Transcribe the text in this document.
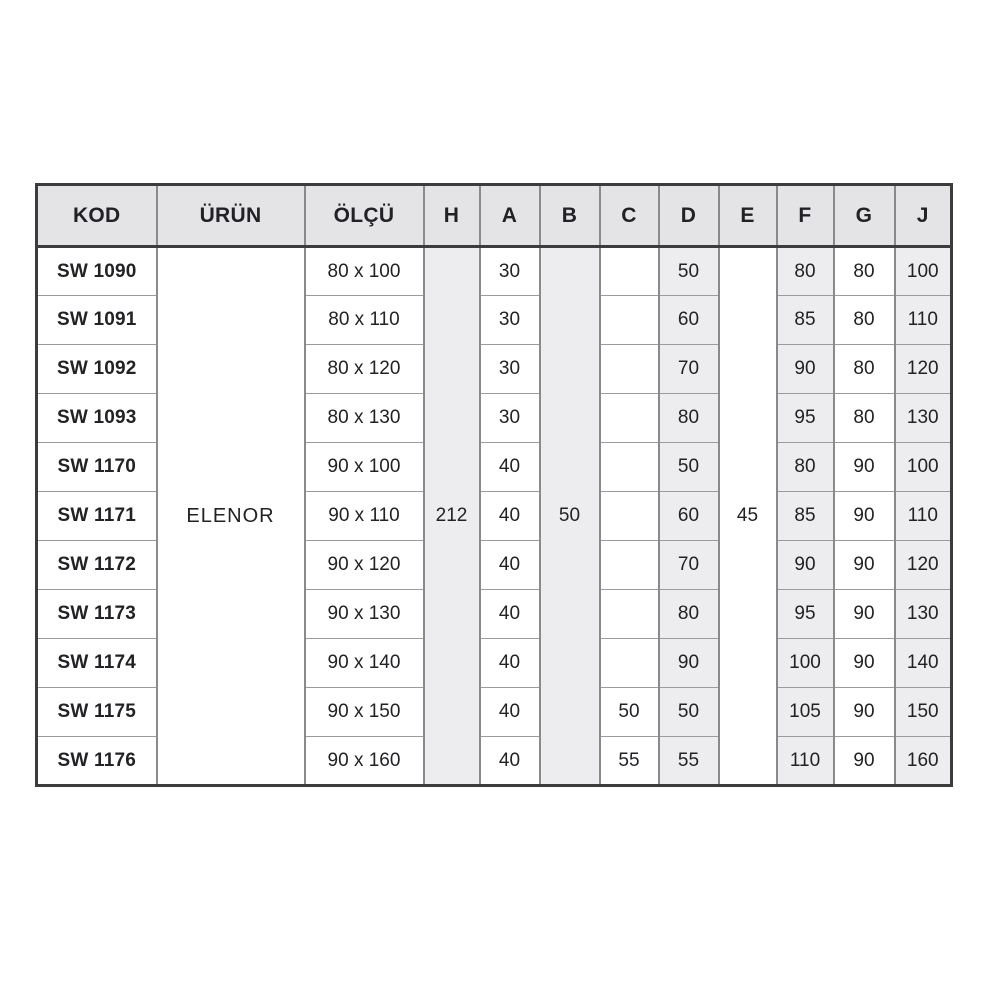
KOD	ÜRÜN	ÖLÇÜ	H	A	B	C	D	E	F	G	J
SW 1090	ELENOR	80 x 100	212	30	50		50	45	80	80	100
SW 1091		80 x 110		30			60		85	80	110
SW 1092		80 x 120		30			70		90	80	120
SW 1093		80 x 130		30			80		95	80	130
SW 1170		90 x 100		40			50		80	90	100
SW 1171		90 x 110		40			60		85	90	110
SW 1172		90 x 120		40			70		90	90	120
SW 1173		90 x 130		40			80		95	90	130
SW 1174		90 x 140		40			90		100	90	140
SW 1175		90 x 150		40		50	50		105	90	150
SW 1176		90 x 160		40		55	55		110	90	160
